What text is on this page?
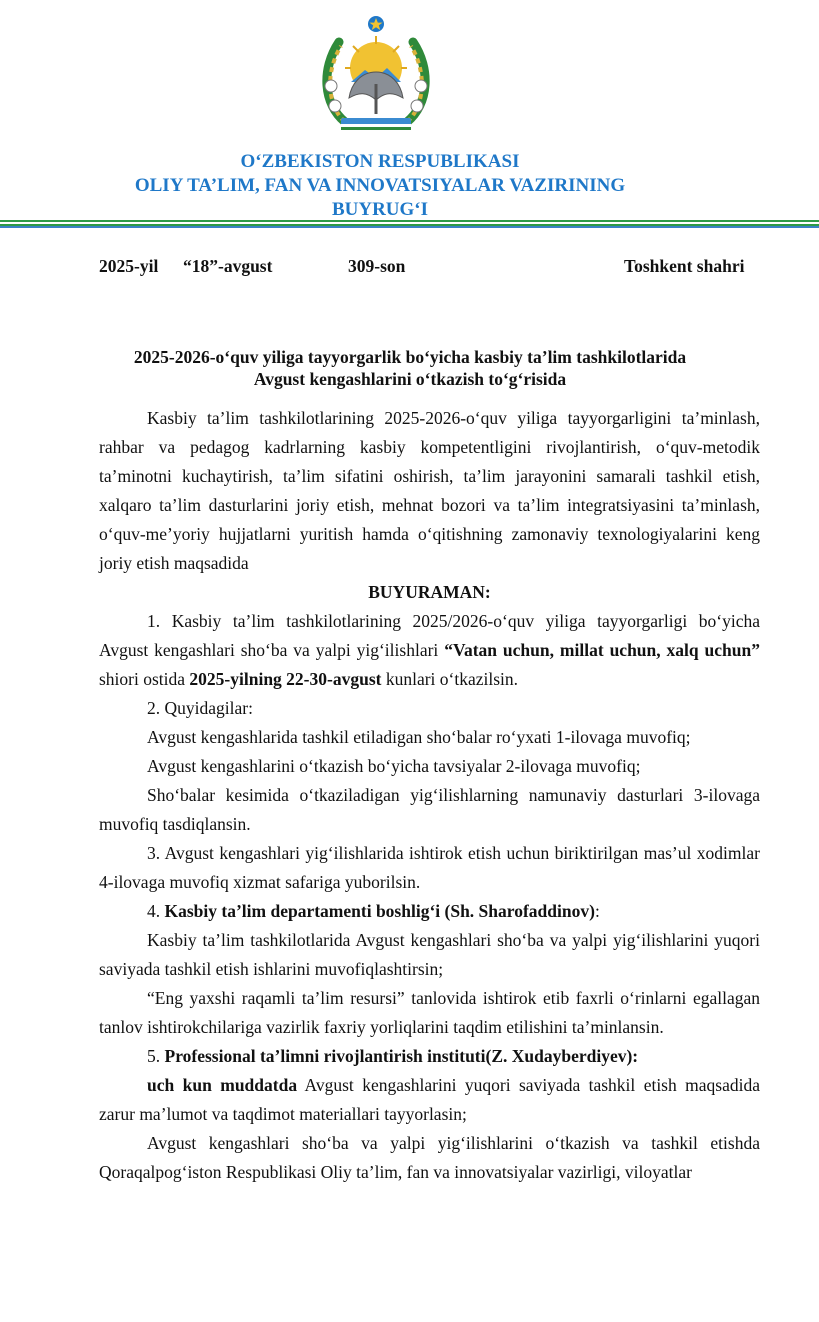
O‘ZBEKISTON RESPUBLIKASI
OLIY TA’LIM, FAN VA INNOVATSIYALAR VAZIRINING
BUYRUG‘I
2025-yil “18”-avgust	309-son	Toshkent shahri
2025-2026-o‘quv yiliga tayyorgarlik bo‘yicha kasbiy ta’lim tashkilotlarida
Avgust kengashlarini o‘tkazish to‘g‘risida

Kasbiy ta’lim tashkilotlarining 2025-2026-o‘quv yiliga tayyorgarligini ta’minlash, rahbar va pedagog kadrlarning kasbiy kompetentligini rivojlantirish, o‘quv-metodik ta’minotni kuchaytirish, ta’lim sifatini oshirish, ta’lim jarayonini samarali tashkil etish, xalqaro ta’lim dasturlarini joriy etish, mehnat bozori va ta’lim integratsiyasini ta’minlash, o‘quv-me’yoriy hujjatlarni yuritish hamda o‘qitishning zamonaviy texnologiyalarini keng joriy etish maqsadida

BUYURAMAN:

1. Kasbiy ta’lim tashkilotlarining 2025/2026-o‘quv yiliga tayyorgarligi bo‘yicha Avgust kengashlari sho‘ba va yalpi yig‘ilishlari “Vatan uchun, millat uchun, xalq uchun” shiori ostida 2025-yilning 22-30-avgust kunlari o‘tkazilsin.

2. Quyidagilar:

Avgust kengashlarida tashkil etiladigan sho‘balar ro‘yxati 1-ilovaga muvofiq;

Avgust kengashlarini o‘tkazish bo‘yicha tavsiyalar 2-ilovaga muvofiq;

Sho‘balar kesimida o‘tkaziladigan yig‘ilishlarning namunaviy dasturlari 3-ilovaga muvofiq tasdiqlansin.

3. Avgust kengashlari yig‘ilishlarida ishtirok etish uchun biriktirilgan mas’ul xodimlar 4-ilovaga muvofiq xizmat safariga yuborilsin.

4. Kasbiy ta’lim departamenti boshlig‘i (Sh. Sharofaddinov):

Kasbiy ta’lim tashkilotlarida Avgust kengashlari sho‘ba va yalpi yig‘ilishlarini yuqori saviyada tashkil etish ishlarini muvofiqlashtirsin;

“Eng yaxshi raqamli ta’lim resursi” tanlovida ishtirok etib faxrli o‘rinlarni egallagan tanlov ishtirokchilariga vazirlik faxriy yorliqlarini taqdim etilishini ta’minlansin.

5. Professional ta’limni rivojlantirish instituti(Z. Xudayberdiyev):

uch kun muddatda Avgust kengashlarini yuqori saviyada tashkil etish maqsadida zarur ma’lumot va taqdimot materiallari tayyorlasin;

Avgust kengashlari sho‘ba va yalpi yig‘ilishlarini o‘tkazish va tashkil etishda Qoraqalpog‘iston Respublikasi Oliy ta’lim, fan va innovatsiyalar vazirligi, viloyatlar
